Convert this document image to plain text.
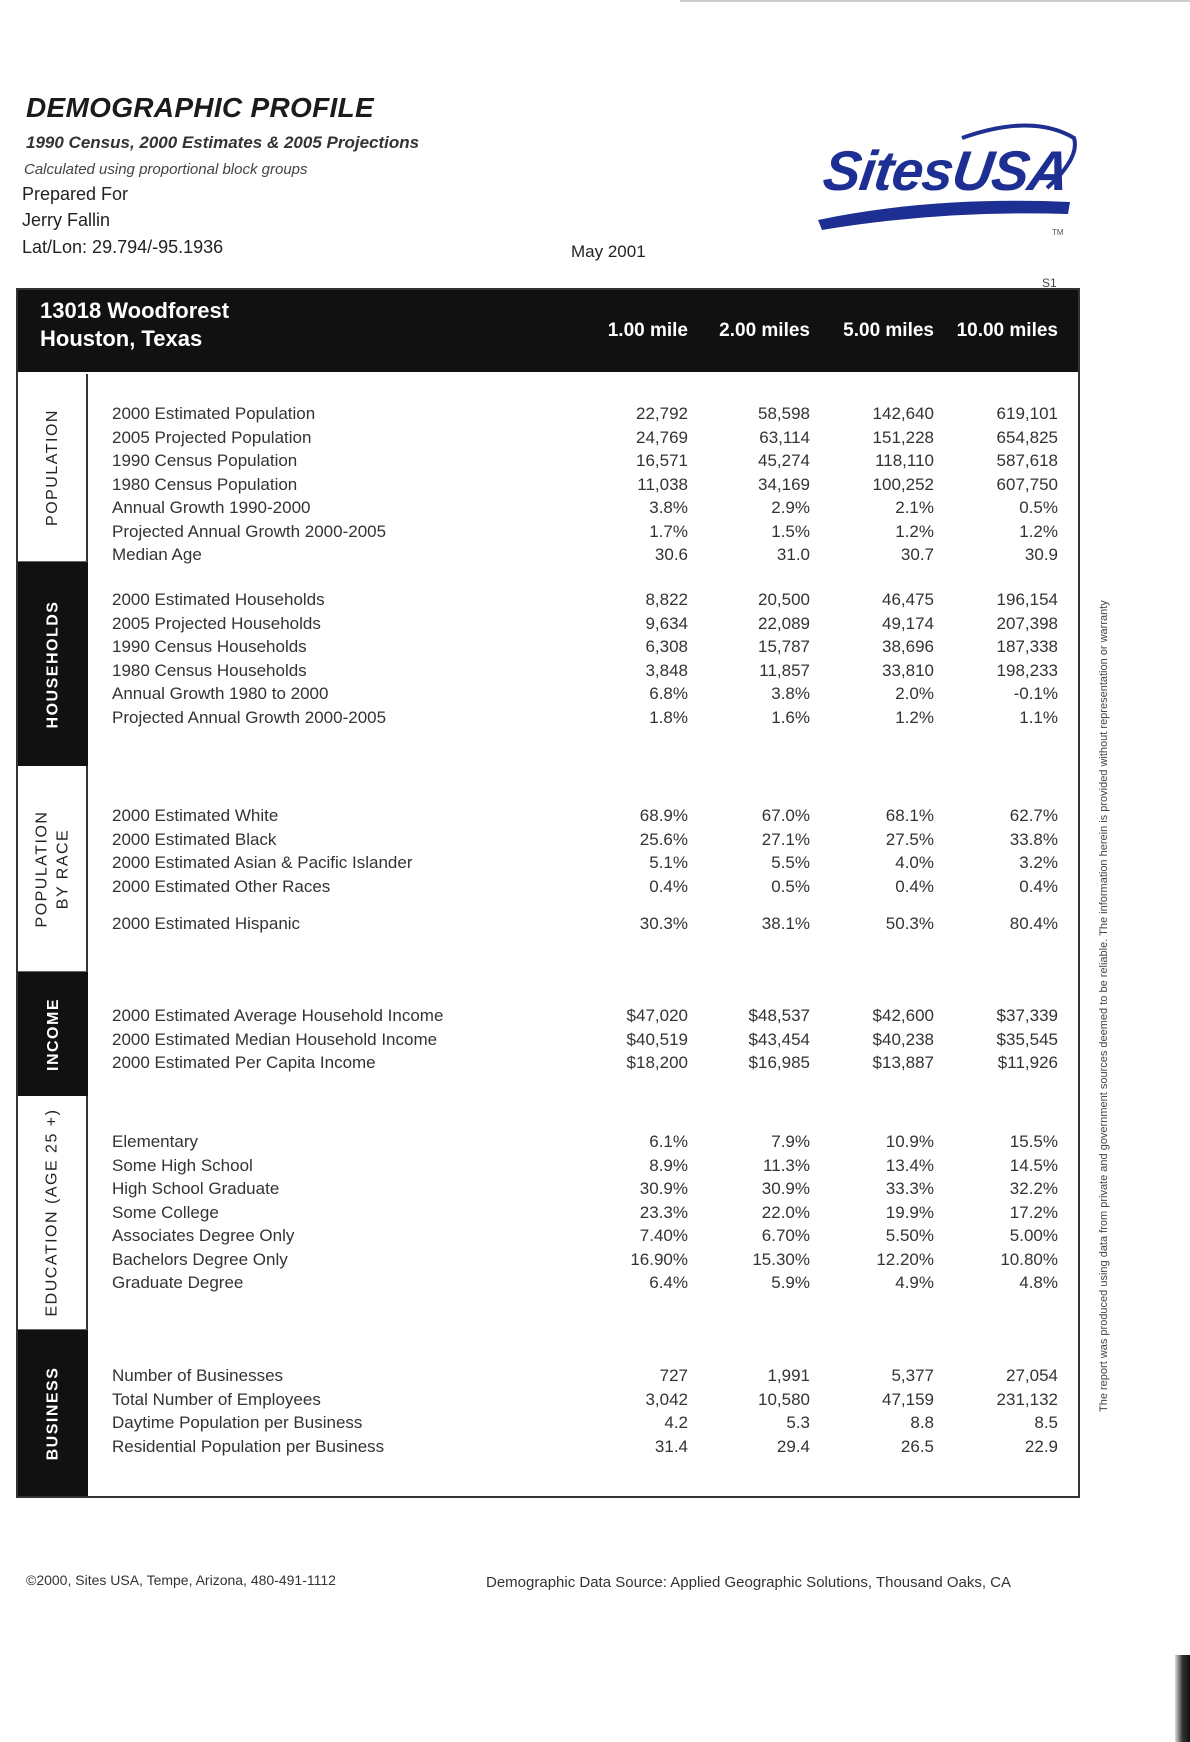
DEMOGRAPHIC PROFILE
1990 Census, 2000 Estimates & 2005 Projections
Calculated using proportional block groups
Prepared For
Jerry Fallin
Lat/Lon: 29.794/-95.1936	May 2001
S1
SitesUSA
TM
13018 Woodforest
Houston, Texas	1.00 mile	2.00 miles	5.00 miles	10.00 miles
POPULATION	2000 Estimated Population	22,792	58,598	142,640	619,101
2005 Projected Population	24,769	63,114	151,228	654,825
1990 Census Population	16,571	45,274	118,110	587,618
1980 Census Population	11,038	34,169	100,252	607,750
Annual Growth 1990-2000	3.8%	2.9%	2.1%	0.5%
Projected Annual Growth 2000-2005	1.7%	1.5%	1.2%	1.2%
Median Age	30.6	31.0	30.7	30.9
HOUSEHOLDS
2000 Estimated Households	8,822	20,500	46,475	196,154
2005 Projected Households	9,634	22,089	49,174	207,398
1990 Census Households	6,308	15,787	38,696	187,338
1980 Census Households	3,848	11,857	33,810	198,233
Annual Growth 1980 to 2000	6.8%	3.8%	2.0%	-0.1%
Projected Annual Growth 2000-2005	1.8%	1.6%	1.2%	1.1%
POPULATION BY RACE
2000 Estimated White	68.9%	67.0%	68.1%	62.7%
2000 Estimated Black	25.6%	27.1%	27.5%	33.8%
2000 Estimated Asian & Pacific Islander	5.1%	5.5%	4.0%	3.2%
2000 Estimated Other Races	0.4%	0.5%	0.4%	0.4%
2000 Estimated Hispanic	30.3%	38.1%	50.3%	80.4%
INCOME	2000 Estimated Average Household Income	$47,020	$48,537	$42,600	$37,339
2000 Estimated Median Household Income	$40,519	$43,454	$40,238	$35,545
2000 Estimated Per Capita Income	$18,200	$16,985	$13,887	$11,926
EDUCATION (AGE 25 +)	Elementary	6.1%	7.9%	10.9%	15.5%
Some High School	8.9%	11.3%	13.4%	14.5%
High School Graduate	30.9%	30.9%	33.3%	32.2%
Some College	23.3%	22.0%	19.9%	17.2%
Associates Degree Only	7.40%	6.70%	5.50%	5.00%
Bachelors Degree Only	16.90%	15.30%	12.20%	10.80%
Graduate Degree	6.4%	5.9%	4.9%	4.8%
BUSINESS	Number of Businesses	727	1,991	5,377	27,054
Total Number of Employees	3,042	10,580	47,159	231,132
Daytime Population per Business	4.2	5.3	8.8	8.5
Residential Population per Business	31.4	29.4	26.5	22.9
The report was produced using data from private and government sources deemed to be reliable. The information herein is provided without representation or warranty
©2000, Sites USA, Tempe, Arizona, 480-491-1112	Demographic Data Source: Applied Geographic Solutions, Thousand Oaks, CA
